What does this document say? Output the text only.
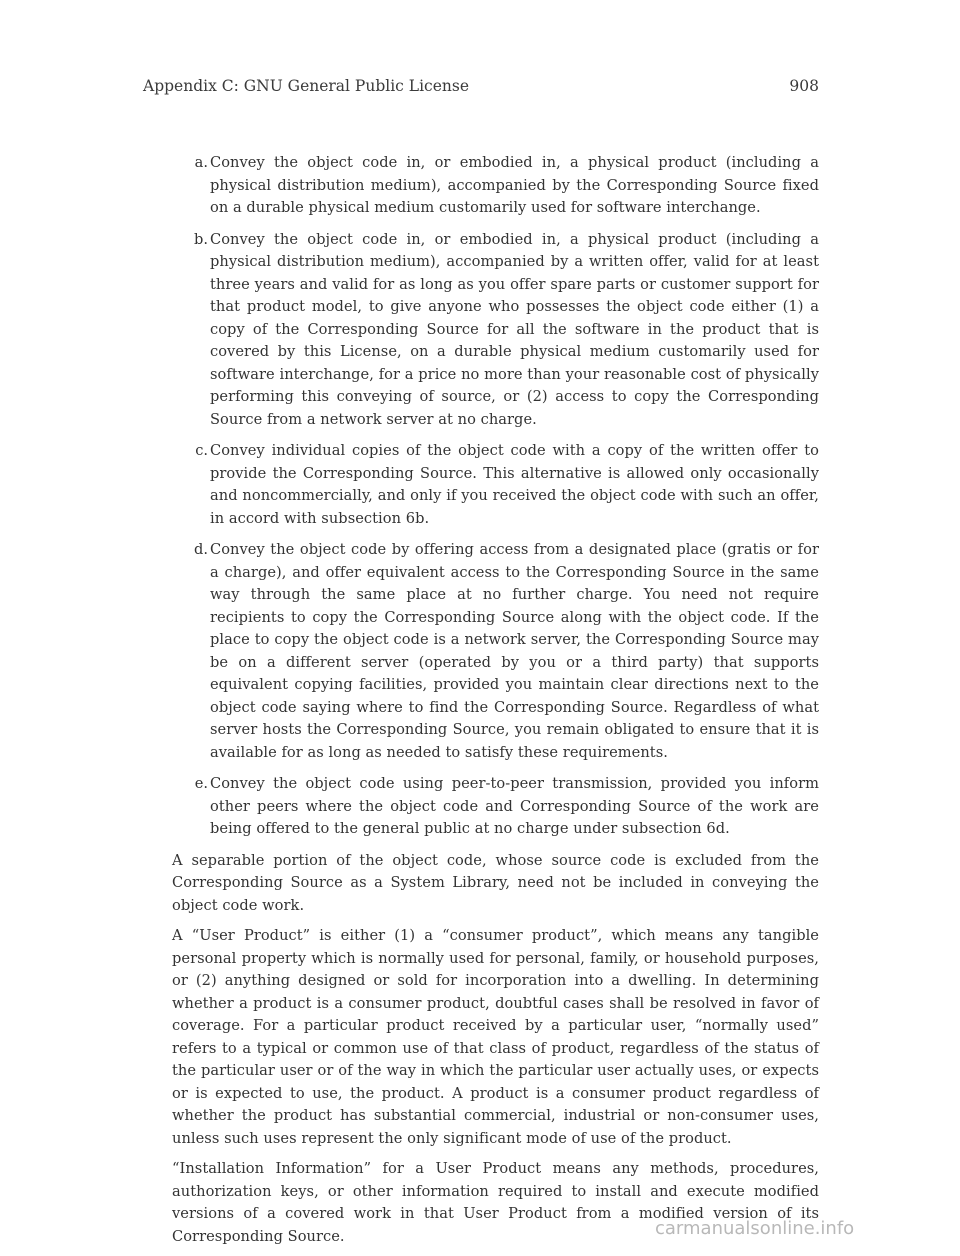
Appendix C: GNU General Public License	908
a. Convey the object code in, or embodied in, a physical product (including a physical distribution medium), accompanied by the Corresponding Source fixed on a durable physical medium customarily used for software interchange.
b. Convey the object code in, or embodied in, a physical product (including a physical distribution medium), accompanied by a written offer, valid for at least three years and valid for as long as you offer spare parts or customer support for that product model, to give anyone who possesses the object code either (1) a copy of the Corresponding Source for all the software in the product that is covered by this License, on a durable physical medium customarily used for software interchange, for a price no more than your reasonable cost of physically performing this conveying of source, or (2) access to copy the Corresponding Source from a network server at no charge.
c. Convey individual copies of the object code with a copy of the written offer to provide the Corresponding Source. This alternative is allowed only occasionally and noncommercially, and only if you received the object code with such an offer, in accord with subsection 6b.
d. Convey the object code by offering access from a designated place (gratis or for a charge), and offer equivalent access to the Corresponding Source in the same way through the same place at no further charge. You need not require recipients to copy the Corresponding Source along with the object code. If the place to copy the object code is a network server, the Corresponding Source may be on a different server (operated by you or a third party) that supports equivalent copying facilities, provided you maintain clear directions next to the object code saying where to find the Corresponding Source. Regardless of what server hosts the Corresponding Source, you remain obligated to ensure that it is available for as long as needed to satisfy these requirements.
e. Convey the object code using peer-to-peer transmission, provided you inform other peers where the object code and Corresponding Source of the work are being offered to the general public at no charge under subsection 6d.

A separable portion of the object code, whose source code is excluded from the Corresponding Source as a System Library, need not be included in conveying the object code work.

A “User Product” is either (1) a “consumer product”, which means any tangible personal property which is normally used for personal, family, or household purposes, or (2) anything designed or sold for incorporation into a dwelling. In determining whether a product is a consumer product, doubtful cases shall be resolved in favor of coverage. For a particular product received by a particular user, “normally used” refers to a typical or common use of that class of product, regardless of the status of the particular user or of the way in which the particular user actually uses, or expects or is expected to use, the product. A product is a consumer product regardless of whether the product has substantial commercial, industrial or non-consumer uses, unless such uses represent the only significant mode of use of the product.

“Installation Information” for a User Product means any methods, procedures, authorization keys, or other information required to install and execute modified versions of a covered work in that User Product from a modified version of its Corresponding Source.	carmanualsonline.info
